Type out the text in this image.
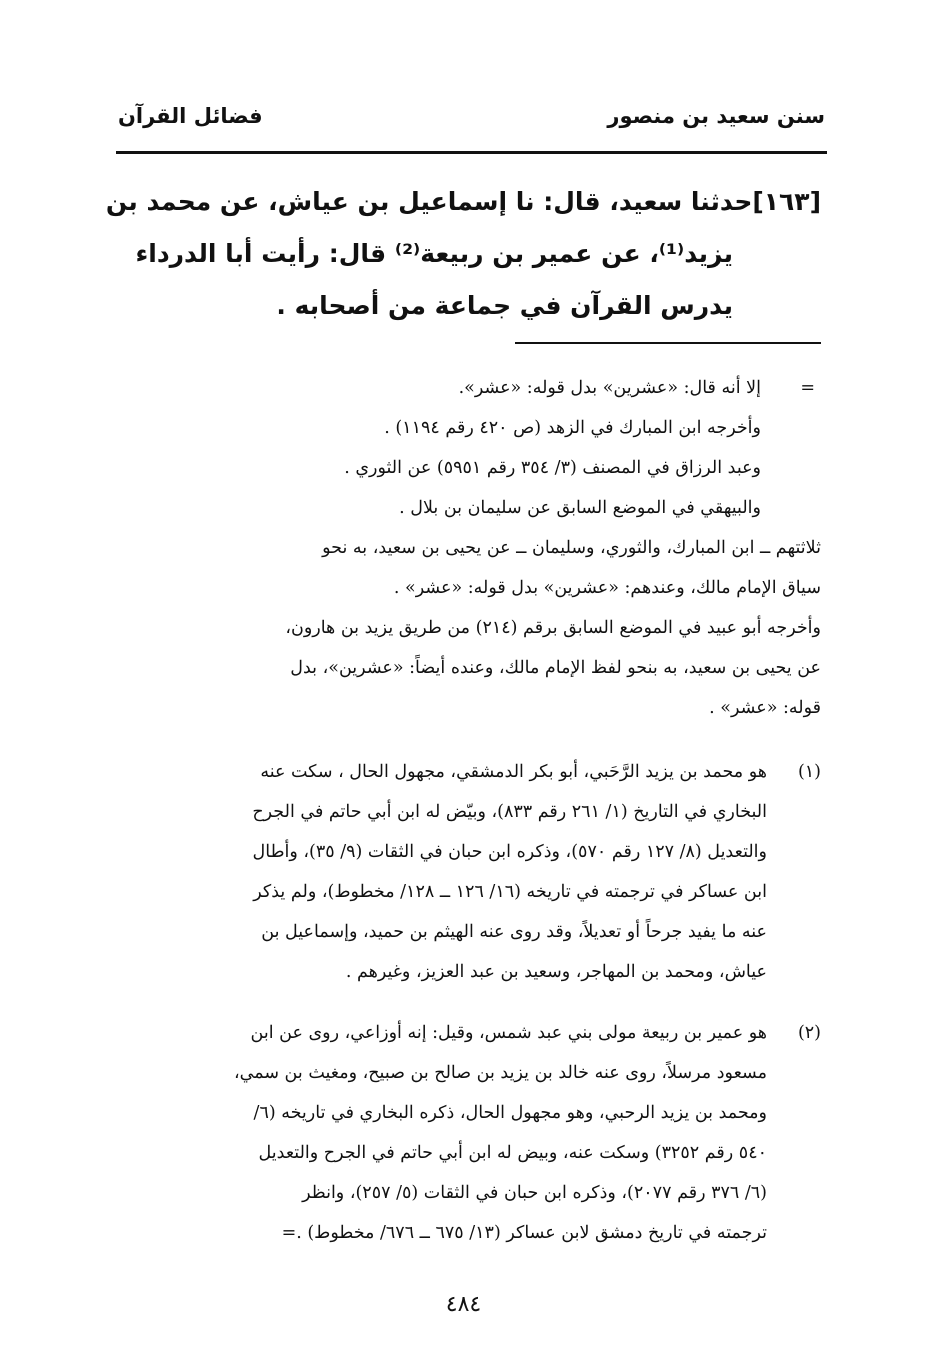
سنن سعيد بن منصور
فضائل القرآن

[١٦٣]حدثنا سعيد، قال: نا إسماعيل بن عياش، عن محمد بن

يزيد⁽¹⁾، عن عمير بن ربيعة⁽²⁾ قال: رأيت أبا الدرداء

يدرس القرآن في جماعة من أصحابه .

=

إلا أنه قال: «عشرين» بدل قوله: «عشر».

وأخرجه ابن المبارك في الزهد (ص ٤٢٠ رقم ١١٩٤) .

وعبد الرزاق في المصنف (٣/ ٣٥٤ رقم ٥٩٥١) عن الثوري .

والبيهقي في الموضع السابق عن سليمان بن بلال .

ثلاثتهم ــ ابن المبارك، والثوري، وسليمان ــ عن يحيى بن سعيد، به نحو

سياق الإمام مالك، وعندهم: «عشرين» بدل قوله: «عشر» .

وأخرجه أبو عبيد في الموضع السابق برقم (٢١٤) من طريق يزيد بن هارون،

عن يحيى بن سعيد، به بنحو لفظ الإمام مالك، وعنده أيضاً: «عشرين»، بدل

قوله: «عشر» .

(١)

هو محمد بن يزيد الرَّحَبي، أبو بكر الدمشقي، مجهول الحال ، سكت عنه

البخاري في التاريخ (١/ ٢٦١ رقم ٨٣٣)، وبيّض له ابن أبي حاتم في الجرح

والتعديل (٨/ ١٢٧ رقم ٥٧٠)، وذكره ابن حبان في الثقات (٩/ ٣٥)، وأطال

ابن عساكر في ترجمته في تاريخه (١٦/ ١٢٦ ــ ١٢٨/ مخطوط)، ولم يذكر

عنه ما يفيد جرحاً أو تعديلاً، وقد روى عنه الهيثم بن حميد، وإسماعيل بن

عياش، ومحمد بن المهاجر، وسعيد بن عبد العزيز، وغيرهم .

(٢)

هو عمير بن ربيعة مولى بني عبد شمس، وقيل: إنه أوزاعي، روى عن ابن

مسعود مرسلاً، روى عنه خالد بن يزيد بن صالح بن صبيح، ومغيث بن سمي،

ومحمد بن يزيد الرحبي، وهو مجهول الحال، ذكره البخاري في تاريخه (٦/

٥٤٠ رقم ٣٢٥٢) وسكت عنه، وبيض له ابن أبي حاتم في الجرح والتعديل

(٦/ ٣٧٦ رقم ٢٠٧٧)، وذكره ابن حبان في الثقات (٥/ ٢٥٧)، وانظر

ترجمته في تاريخ دمشق لابن عساكر (١٣/ ٦٧٥ ــ ٦٧٦/ مخطوط) .=

٤٨٤
